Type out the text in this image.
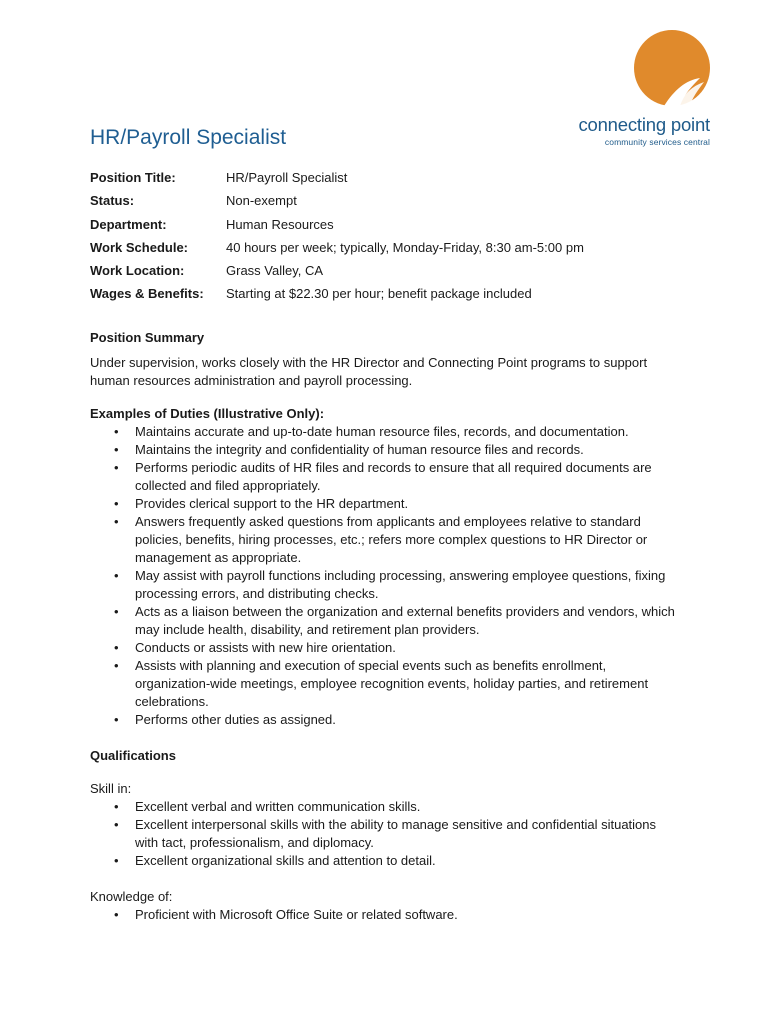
connecting point
community services central
HR/Payroll Specialist
Position Title:	HR/Payroll Specialist
Status:	Non-exempt
Department:	Human Resources
Work Schedule:	40 hours per week; typically, Monday-Friday, 8:30 am-5:00 pm
Work Location:	Grass Valley, CA
Wages & Benefits: Starting at $22.30 per hour; benefit package included

Position Summary

Under supervision, works closely with the HR Director and Connecting Point programs to support
human resources administration and payroll processing.

Examples of Duties (Illustrative Only):

• Maintains accurate and up-to-date human resource files, records, and documentation.
• Maintains the integrity and confidentiality of human resource files and records.
• Performs periodic audits of HR files and records to ensure that all required documents are
collected and filed appropriately.
• Provides clerical support to the HR department.
• Answers frequently asked questions from applicants and employees relative to standard
policies, benefits, hiring processes, etc.; refers more complex questions to HR Director or
management as appropriate.
• May assist with payroll functions including processing, answering employee questions, fixing
processing errors, and distributing checks.
• Acts as a liaison between the organization and external benefits providers and vendors, which
may include health, disability, and retirement plan providers.
• Conducts or assists with new hire orientation.
• Assists with planning and execution of special events such as benefits enrollment,
organization-wide meetings, employee recognition events, holiday parties, and retirement
celebrations.
• Performs other duties as assigned.

Qualifications

Skill in:

• Excellent verbal and written communication skills.
• Excellent interpersonal skills with the ability to manage sensitive and confidential situations
with tact, professionalism, and diplomacy.
• Excellent organizational skills and attention to detail.

Knowledge of:

• Proficient with Microsoft Office Suite or related software.
